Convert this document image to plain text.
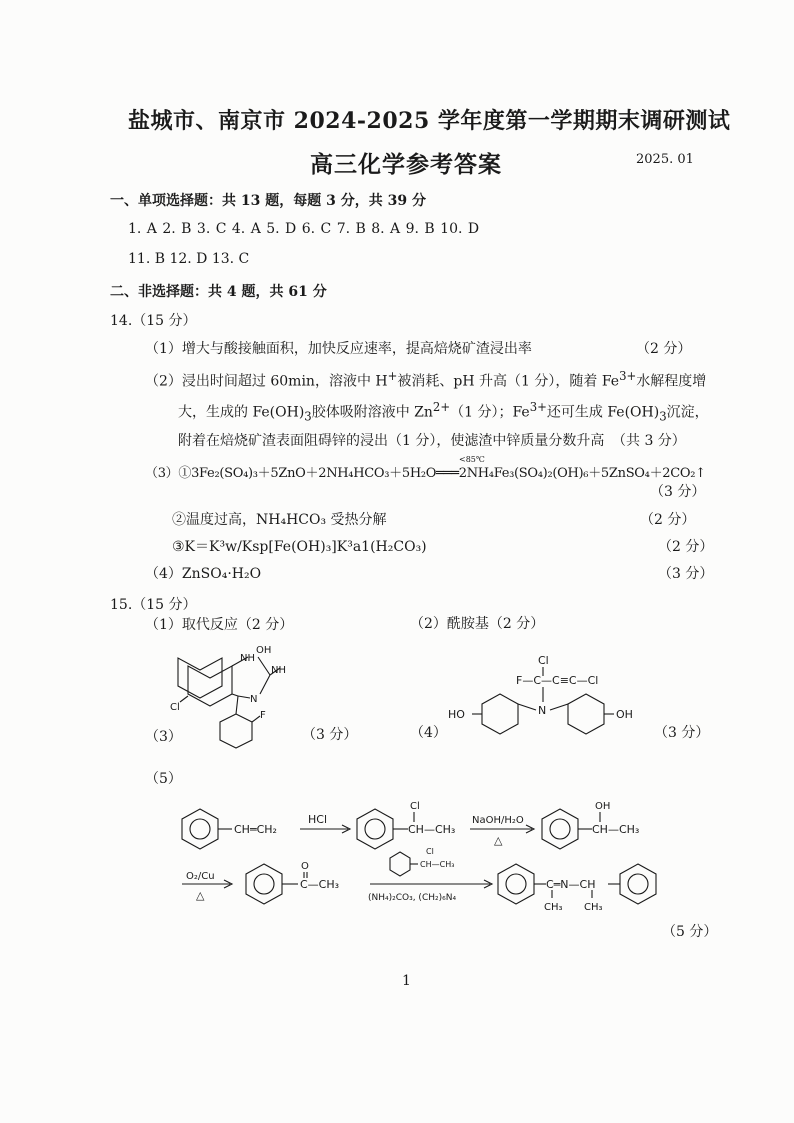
盐城市、南京市 2024-2025 学年度第一学期期末调研测试
高三化学参考答案	2025. 01
一、单项选择题：共 13 题，每题 3 分，共 39 分
1. A 2. B 3. C 4. A 5. D 6. C 7. B 8. A 9. B 10. D
11. B 12. D 13. C
二、非选择题：共 4 题，共 61 分
14.（15 分）
（1）增大与酸接触面积，加快反应速率，提高焙烧矿渣浸出率	（2 分）
（2）浸出时间超过 60min，溶液中 H+被消耗、pH 升高（1 分），随着 $Fe^{3+}$水解程度增
大，生成的 $Fe(OH)_3$胶体吸附溶液中 $Zn^{2+}(1$ 分）；$Fe^{3+}$还可生成 $Fe(OH)_3$沉淀，
附着在焙烧矿渣表面阻碍锌的浸出（1 分），使滤渣中锌质量分数升高 （共 3 分）
<85℃
（3）①3Fe₂(SO₄)₃＋5ZnO＋2NH₄HCO₃＋5H₂O═══2NH₄Fe₃(SO₄)₂(OH)₆＋5ZnSO₄＋2CO₂↑
（3 分）
②温度过高，NH₄HCO₃ 受热分解	（2 分）
③K＝K³w/Ksp[Fe(OH)₃]K³a1(H₂CO₃)	（2 分）
（4）ZnSO₄·H₂O	（3 分）
15.（15 分）
（1）取代反应（2 分）	（2）酰胺基（2 分）
（3）	（3 分）	（4）	（3 分）
（5）
（5 分）
NH
OH
NH
N
Cl
F
Cl
F—C—C≡C—Cl
N
HO	OH
CH═CH₂
HCl
Cl
CH—CH₃
NaOH/H₂O
△
OH
CH—CH₃
O₂/Cu
△
O
C—CH₃
Cl
CH—CH₃
(NH₄)₂CO₃, (CH₂)₆N₄
C═N—CH
CH₃ CH₃
1
